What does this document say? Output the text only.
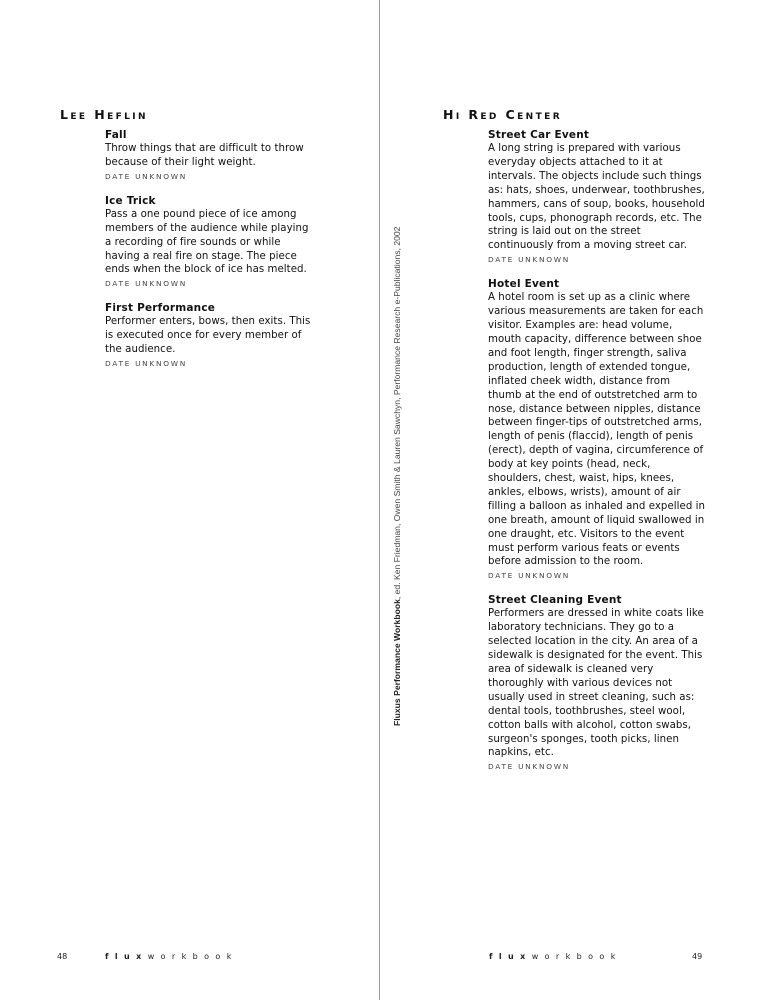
Lee Heflin
Fall
Throw things that are difficult to throw because of their light weight.
DATE UNKNOWN
Ice Trick
Pass a one pound piece of ice among members of the audience while playing a recording of fire sounds or while having a real fire on stage. The piece ends when the block of ice has melted.
DATE UNKNOWN
First Performance
Performer enters, bows, then exits. This is executed once for every member of the audience.
DATE UNKNOWN
Fluxus Performance Workbook, ed. Ken Friedman, Owen Smith & Lauren Sawchyn, Performance Research e-Publications, 2002
Hi Red Center
Street Car Event
A long string is prepared with various everyday objects attached to it at intervals. The objects include such things as: hats, shoes, underwear, toothbrushes, hammers, cans of soup, books, household tools, cups, phonograph records, etc. The string is laid out on the street continuously from a moving street car.
DATE UNKNOWN
Hotel Event
A hotel room is set up as a clinic where various measurements are taken for each visitor. Examples are: head volume, mouth capacity, difference between shoe and foot length, finger strength, saliva production, length of extended tongue, inflated cheek width, distance from thumb at the end of outstretched arm to nose, distance between nipples, distance between finger-tips of outstretched arms, length of penis (flaccid), length of penis (erect), depth of vagina, circumference of body at key points (head, neck, shoulders, chest, waist, hips, knees, ankles, elbows, wrists), amount of air filling a balloon as inhaled and expelled in one breath, amount of liquid swallowed in one draught, etc. Visitors to the event must perform various feats or events before admission to the room.
DATE UNKNOWN
Street Cleaning Event
Performers are dressed in white coats like laboratory technicians. They go to a selected location in the city. An area of a sidewalk is designated for the event. This area of sidewalk is cleaned very thoroughly with various devices not usually used in street cleaning, such as: dental tools, toothbrushes, steel wool, cotton balls with alcohol, cotton swabs, surgeon's sponges, tooth picks, linen napkins, etc.
DATE UNKNOWN
48	fluxworkbook	fluxworkbook	49
